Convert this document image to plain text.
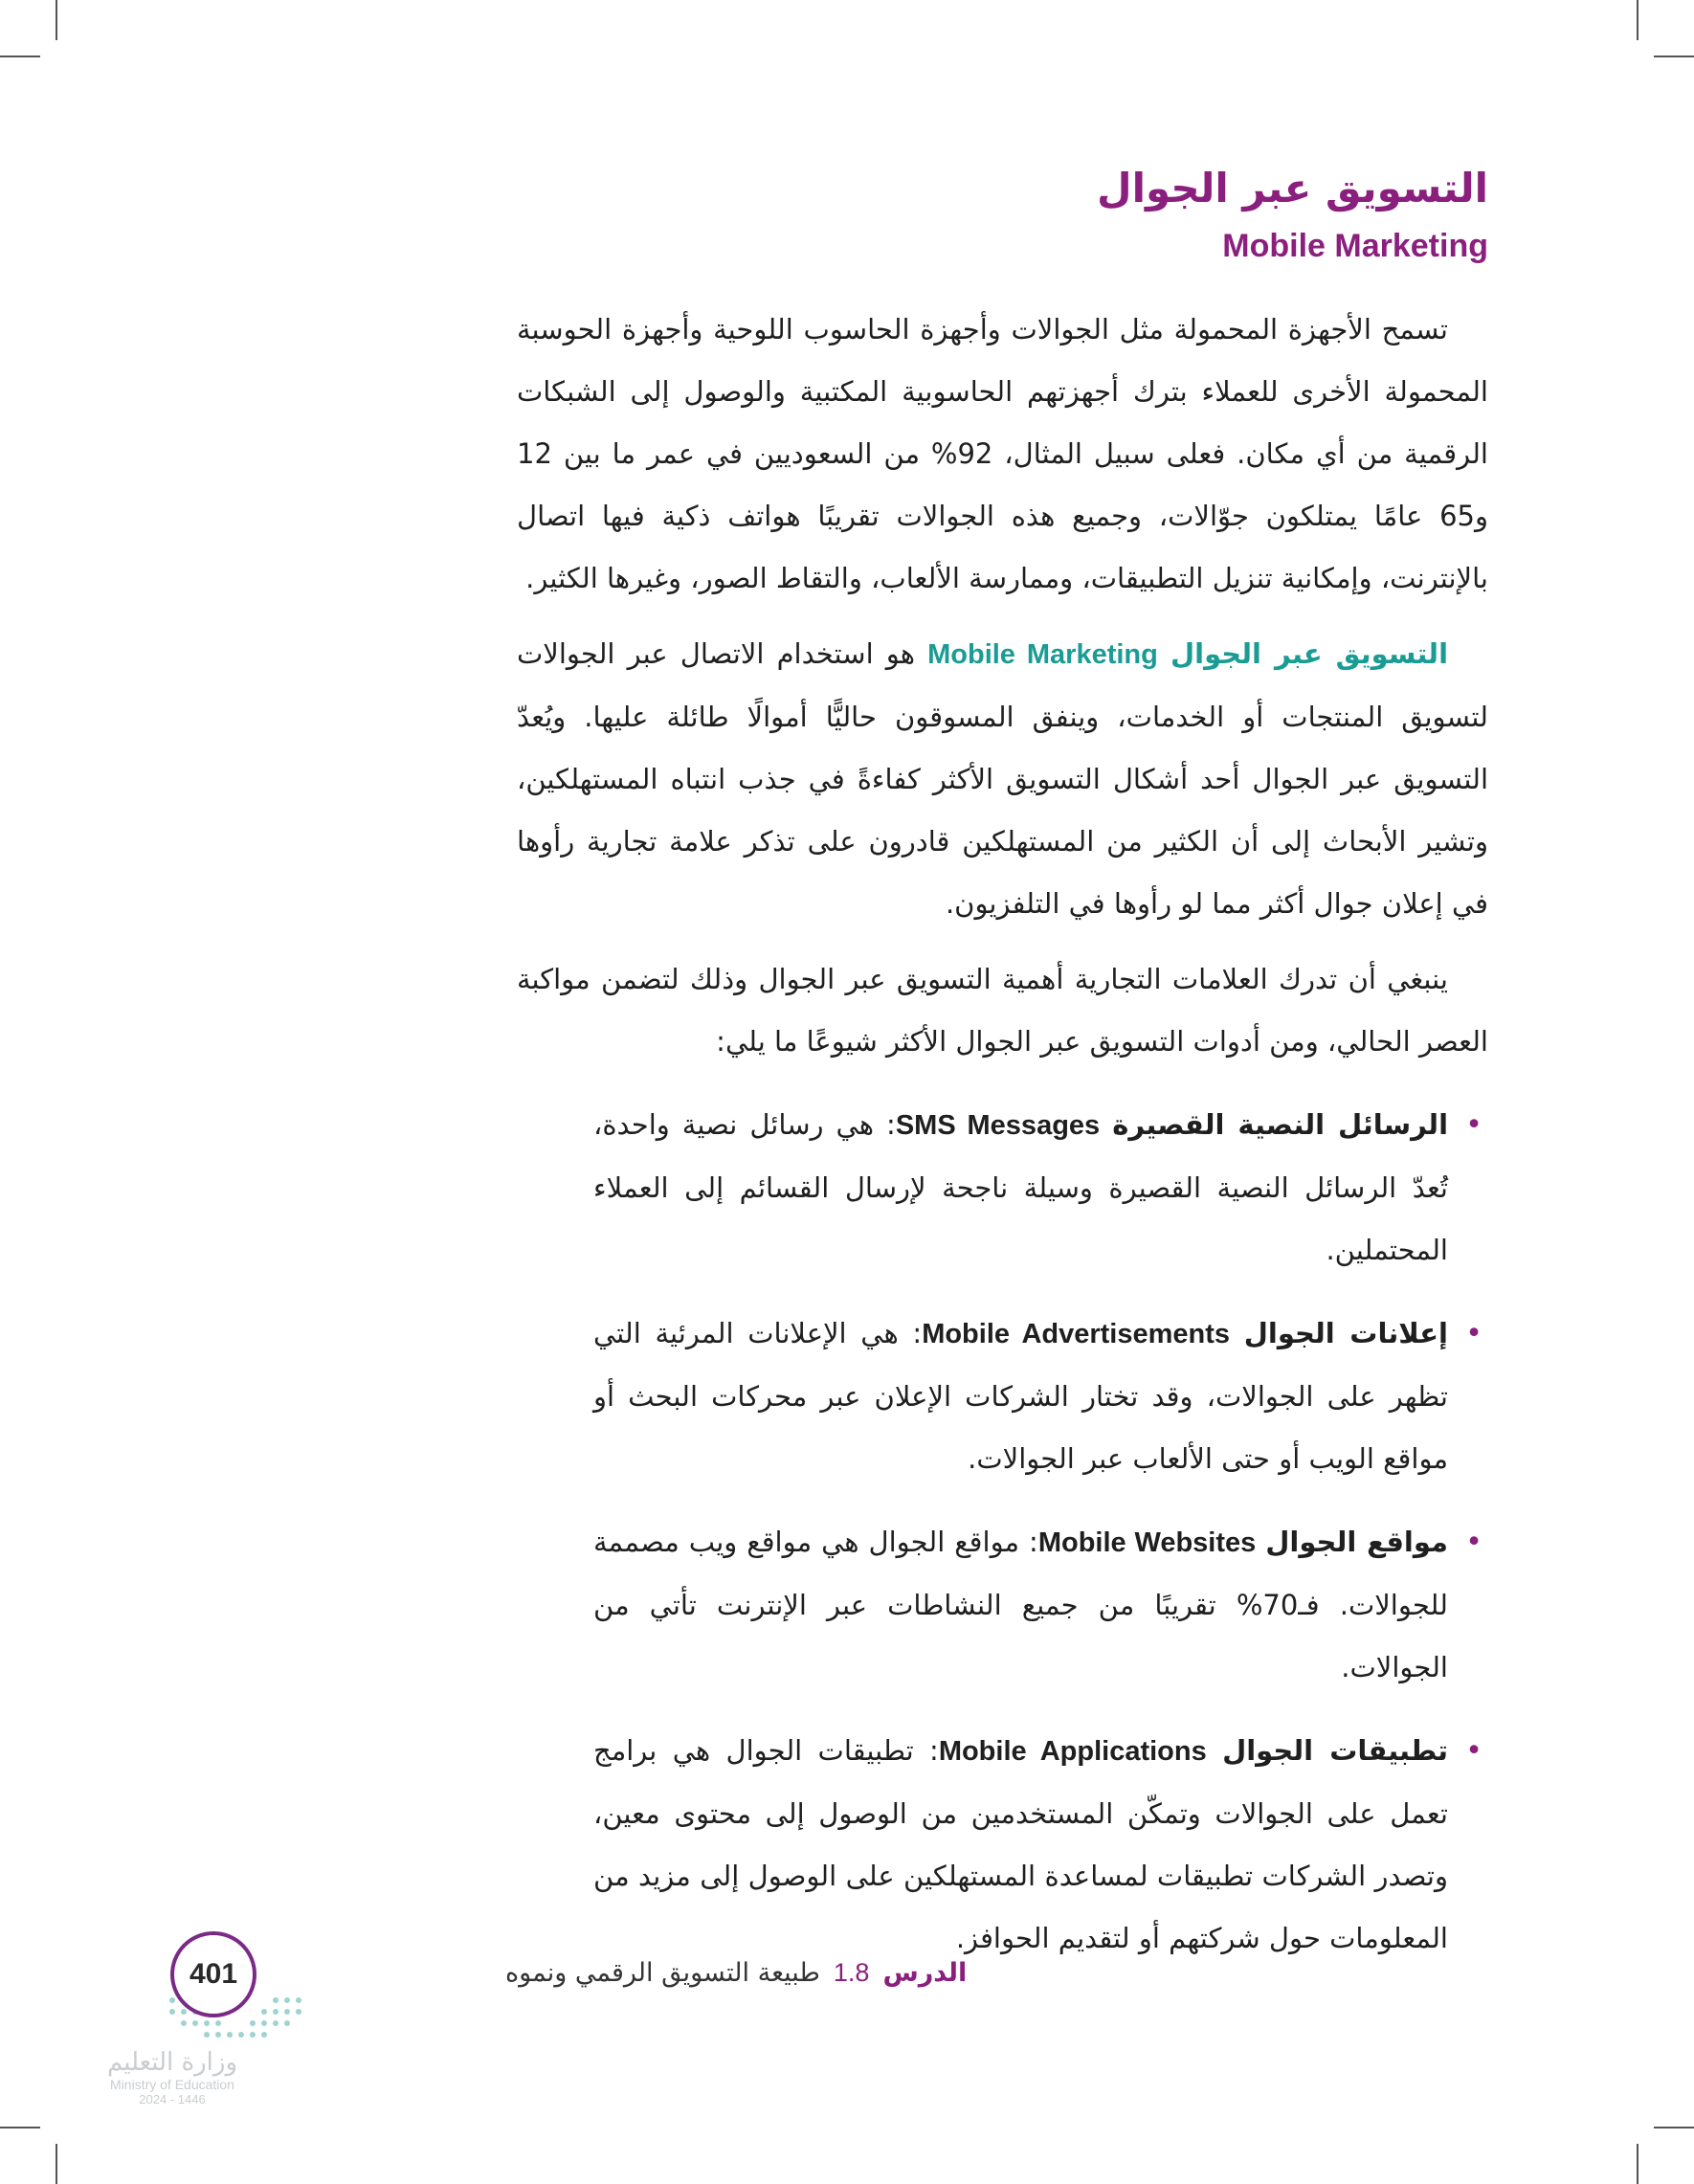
التسويق عبر الجوال
Mobile Marketing

تسمح الأجهزة المحمولة مثل الجوالات وأجهزة الحاسوب اللوحية وأجهزة الحوسبة المحمولة الأخرى للعملاء بترك أجهزتهم الحاسوبية المكتبية والوصول إلى الشبكات الرقمية من أي مكان. فعلى سبيل المثال، 92% من السعوديين في عمر ما بين 12 و65 عامًا يمتلكون جوّالات، وجميع هذه الجوالات تقريبًا هواتف ذكية فيها اتصال بالإنترنت، وإمكانية تنزيل التطبيقات، وممارسة الألعاب، والتقاط الصور، وغيرها الكثير.

التسويق عبر الجوال Mobile Marketing هو استخدام الاتصال عبر الجوالات لتسويق المنتجات أو الخدمات، وينفق المسوقون حاليًّا أموالًا طائلة عليها. ويُعدّ التسويق عبر الجوال أحد أشكال التسويق الأكثر كفاءةً في جذب انتباه المستهلكين، وتشير الأبحاث إلى أن الكثير من المستهلكين قادرون على تذكر علامة تجارية رأوها في إعلان جوال أكثر مما لو رأوها في التلفزيون.

ينبغي أن تدرك العلامات التجارية أهمية التسويق عبر الجوال وذلك لتضمن مواكبة العصر الحالي، ومن أدوات التسويق عبر الجوال الأكثر شيوعًا ما يلي:

•
الرسائل النصية القصيرة SMS Messages: هي رسائل نصية واحدة، تُعدّ الرسائل النصية القصيرة وسيلة ناجحة لإرسال القسائم إلى العملاء المحتملين.
•
إعلانات الجوال Mobile Advertisements: هي الإعلانات المرئية التي تظهر على الجوالات، وقد تختار الشركات الإعلان عبر محركات البحث أو مواقع الويب أو حتى الألعاب عبر الجوالات.
•
مواقع الجوال Mobile Websites: مواقع الجوال هي مواقع ويب مصممة للجوالات. فـ70% تقريبًا من جميع النشاطات عبر الإنترنت تأتي من الجوالات.
•
تطبيقات الجوال Mobile Applications: تطبيقات الجوال هي برامج تعمل على الجوالات وتمكّن المستخدمين من الوصول إلى محتوى معين، وتصدر الشركات تطبيقات لمساعدة المستهلكين على الوصول إلى مزيد من المعلومات حول شركتهم أو لتقديم الحوافز.
الدرس1.8طبيعة التسويق الرقمي ونموه
401
وزارة التعليم
Ministry of Education
2024 - 1446
